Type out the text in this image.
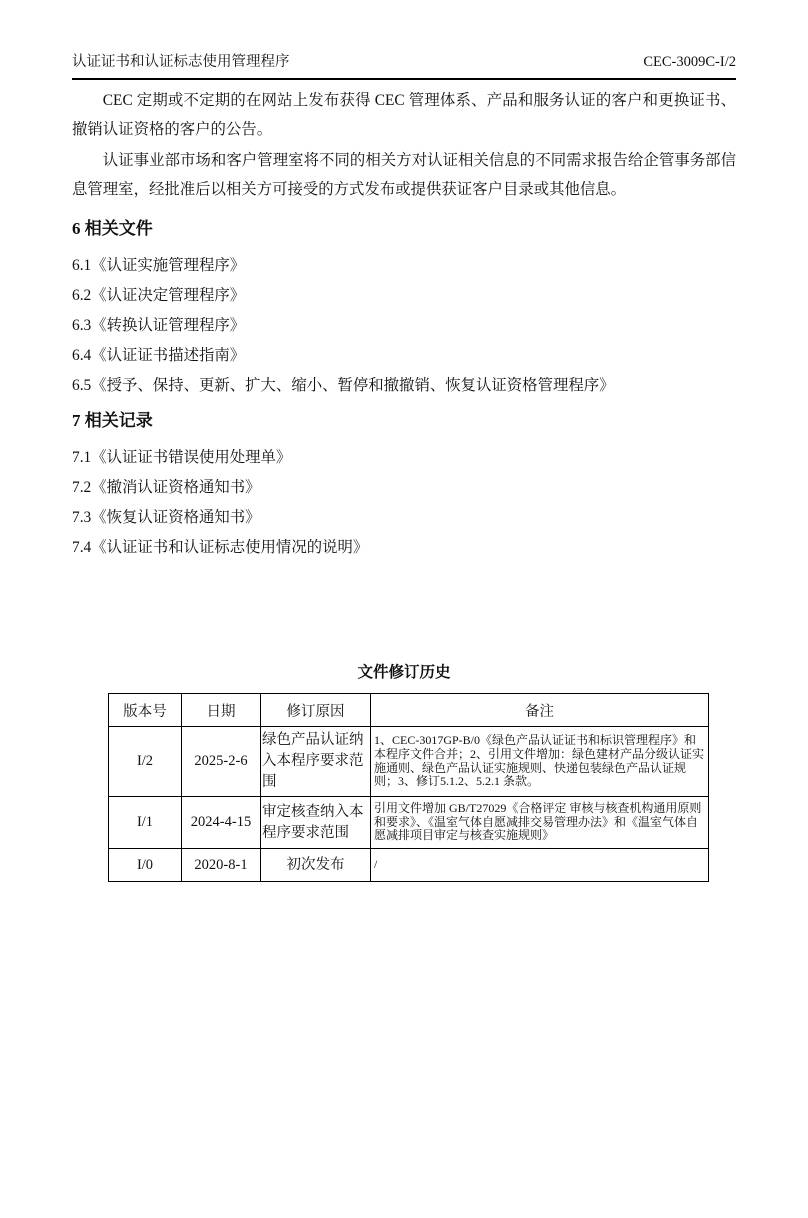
认证证书和认证标志使用管理程序	CEC-3009C-I/2

CEC 定期或不定期的在网站上发布获得 CEC 管理体系、产品和服务认证的客户和更换证书、撤销认证资格的客户的公告。

认证事业部市场和客户管理室将不同的相关方对认证相关信息的不同需求报告给企管事务部信息管理室，经批准后以相关方可接受的方式发布或提供获证客户目录或其他信息。

6 相关文件
6.1《认证实施管理程序》
6.2《认证决定管理程序》
6.3《转换认证管理程序》
6.4《认证证书描述指南》
6.5《授予、保持、更新、扩大、缩小、暂停和撤撤销、恢复认证资格管理程序》
7 相关记录
7.1《认证证书错误使用处理单》
7.2《撤消认证资格通知书》
7.3《恢复认证资格通知书》
7.4《认证证书和认证标志使用情况的说明》
文件修订历史
版本号	日期	修订原因	备注
I/2	2025-2-6	绿色产品认证纳入本程序要求范围	1、CEC-3017GP-B/0《绿色产品认证证书和标识管理程序》和本程序文件合并；2、引用文件增加：绿色建材产品分级认证实施通则、绿色产品认证实施规则、快递包装绿色产品认证规则；3、修订5.1.2、5.2.1 条款。
I/1	2024-4-15	审定核查纳入本程序要求范围	引用文件增加 GB/T27029《合格评定 审核与核查机构通用原则和要求》、《温室气体自愿减排交易管理办法》和《温室气体自愿减排项目审定与核查实施规则》
I/0	2020-8-1	初次发布	/
